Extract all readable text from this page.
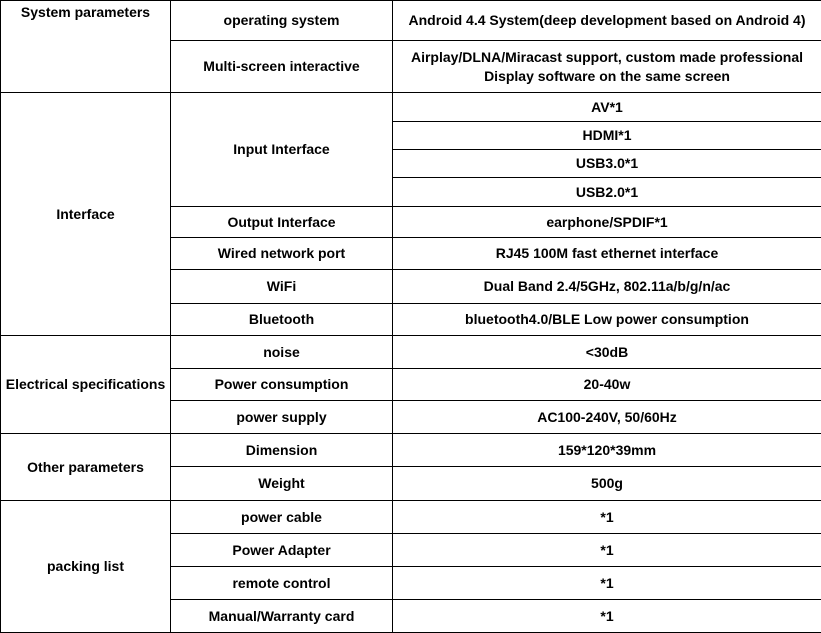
System parameters	operating system	Android 4.4 System(deep development based on Android 4)
	Multi-screen interactive	Airplay/DLNA/Miracast support, custom made professional Display software on the same screen
Interface	Input Interface	AV*1
		HDMI*1
		USB3.0*1
		USB2.0*1
	Output Interface	earphone/SPDIF*1
	Wired network port	RJ45 100M fast ethernet interface
	WiFi	Dual Band 2.4/5GHz, 802.11a/b/g/n/ac
	Bluetooth	bluetooth4.0/BLE Low power consumption
Electrical specifications	noise	<30dB
	Power consumption	20-40w
	power supply	AC100-240V, 50/60Hz
Other parameters	Dimension	159*120*39mm
	Weight	500g
packing list	power cable	*1
	Power Adapter	*1
	remote control	*1
	Manual/Warranty card	*1
